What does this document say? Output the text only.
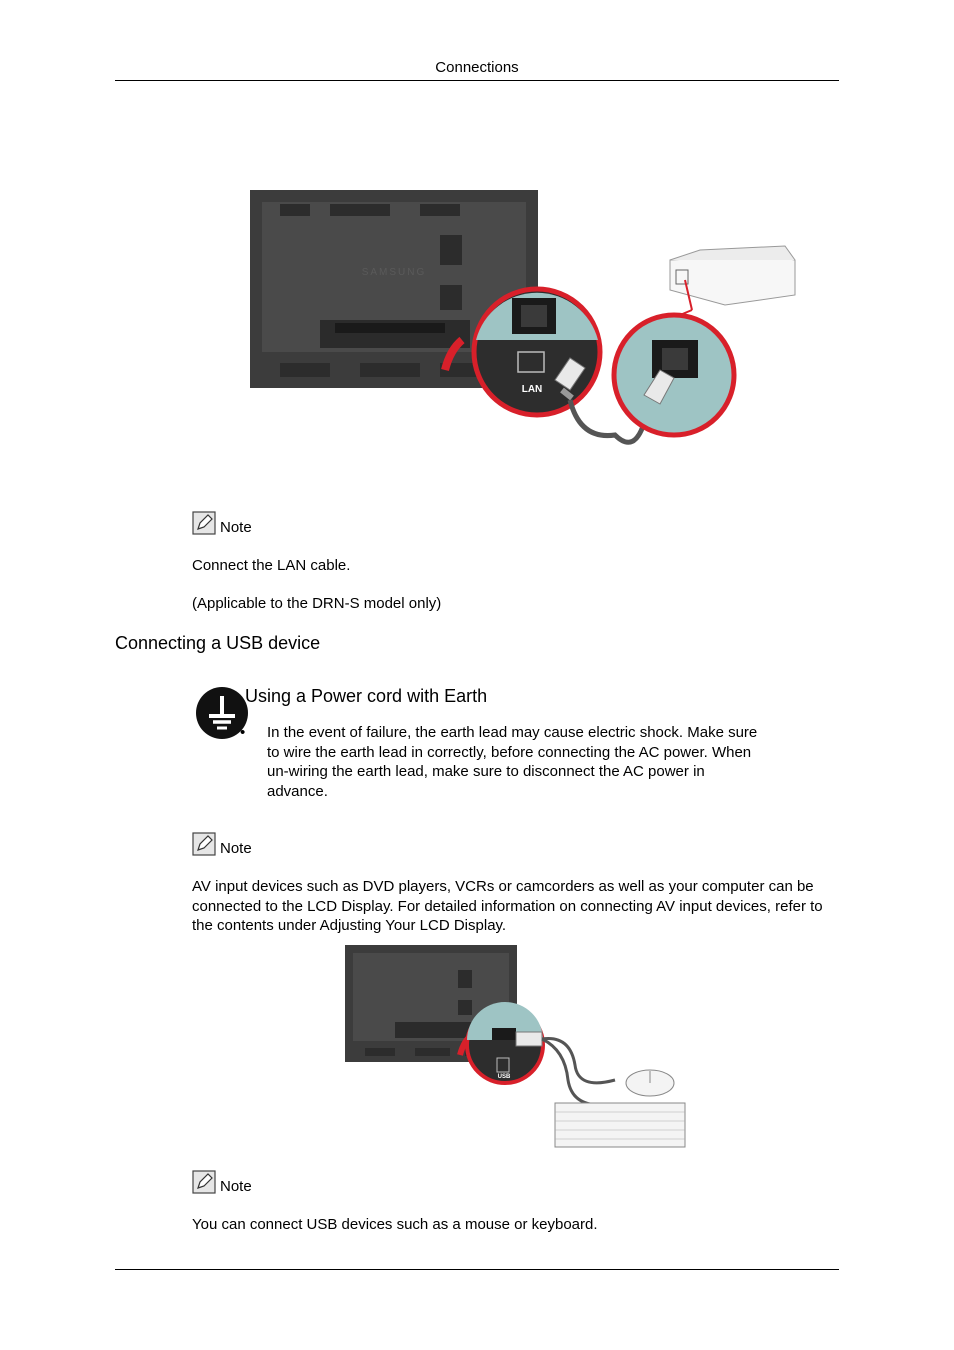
Connections
SAMSUNG
LAN
Note
Connect the LAN cable.
(Applicable to the DRN-S model only)
Connecting a USB device
Using a Power cord with Earth
• In the event of failure, the earth lead may cause electric shock. Make sure to wire the earth lead in correctly, before connecting the AC power. When un-wiring the earth lead, make sure to disconnect the AC power in advance.
Note
AV input devices such as DVD players, VCRs or camcorders as well as your computer can be connected to the LCD Display. For detailed information on connecting AV input devices, refer to the contents under Adjusting Your LCD Display.
USB
Note
You can connect USB devices such as a mouse or keyboard.
